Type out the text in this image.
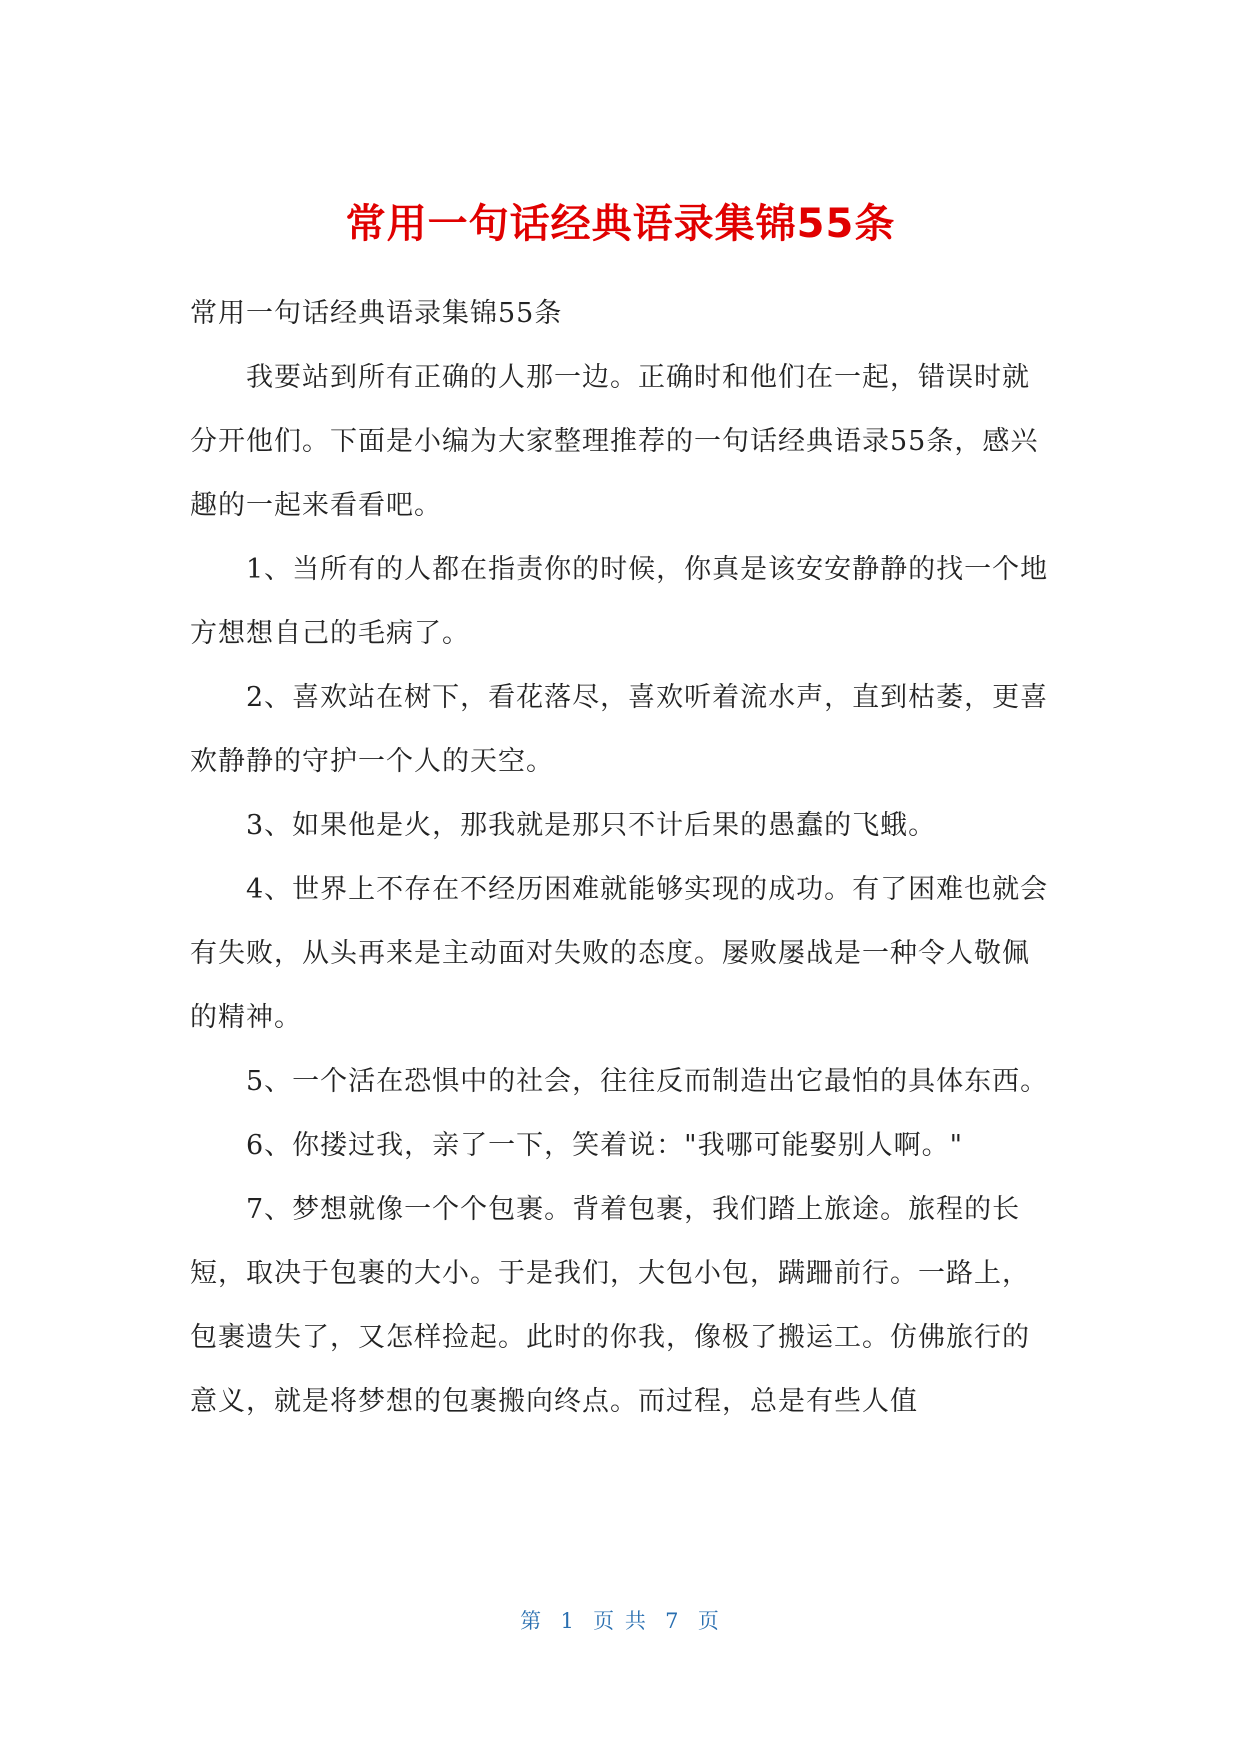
常用一句话经典语录集锦55条

常用一句话经典语录集锦55条

我要站到所有正确的人那一边。正确时和他们在一起，错误时就分开他们。下面是小编为大家整理推荐的一句话经典语录55条，感兴趣的一起来看看吧。

1、当所有的人都在指责你的时候，你真是该安安静静的找一个地方想想自己的毛病了。

2、喜欢站在树下，看花落尽，喜欢听着流水声，直到枯萎，更喜欢静静的守护一个人的天空。

3、如果他是火，那我就是那只不计后果的愚蠢的飞蛾。

4、世界上不存在不经历困难就能够实现的成功。有了困难也就会有失败，从头再来是主动面对失败的态度。屡败屡战是一种令人敬佩的精神。

5、一个活在恐惧中的社会，往往反而制造出它最怕的具体东西。

6、你搂过我，亲了一下，笑着说："我哪可能娶别人啊。"

7、梦想就像一个个包裹。背着包裹，我们踏上旅途。旅程的长短，取决于包裹的大小。于是我们，大包小包，蹒跚前行。一路上，包裹遗失了，又怎样捡起。此时的你我，像极了搬运工。仿佛旅行的意义，就是将梦想的包裹搬向终点。而过程，总是有些人值

第  1  页 共  7  页
